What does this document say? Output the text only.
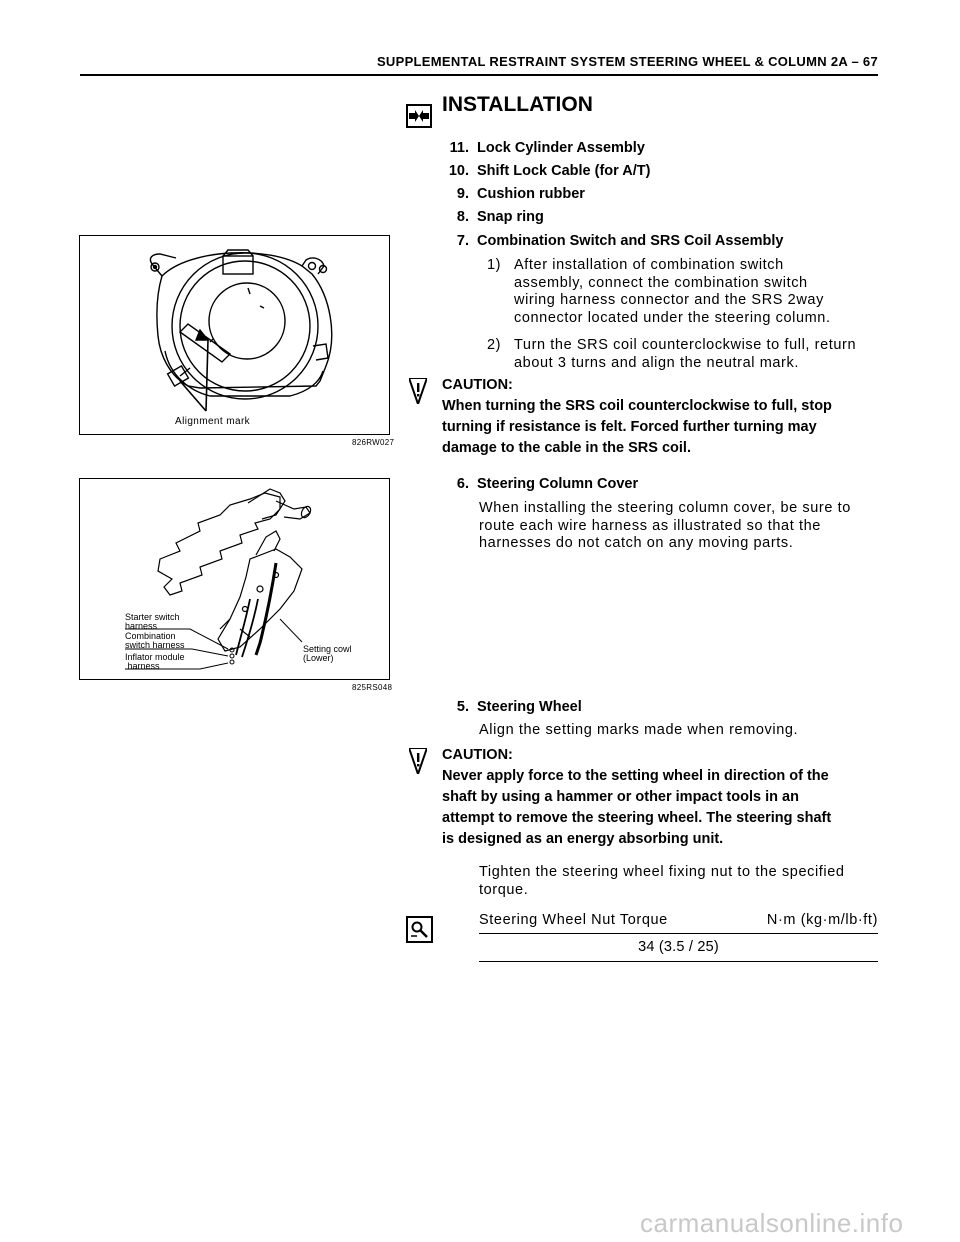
SUPPLEMENTAL RESTRAINT SYSTEM STEERING WHEEL & COLUMN 2A – 67
INSTALLATION
11. Lock Cylinder Assembly
10. Shift Lock Cable (for A/T)
9. Cushion rubber
8. Snap ring
7. Combination Switch and SRS Coil Assembly
1) After installation of combination switch
assembly, connect the combination switch
wiring harness connector and the SRS 2way
connector located under the steering column.
2) Turn the SRS coil counterclockwise to full, return
about 3 turns and align the neutral mark.
CAUTION:
When turning the SRS coil counterclockwise to full, stop
turning if resistance is felt. Forced further turning may
damage to the cable in the SRS coil.
6. Steering Column Cover
When installing the steering column cover, be sure to
route each wire harness as illustrated so that the
harnesses do not catch on any moving parts.
5. Steering Wheel
Align the setting marks made when removing.
CAUTION:
Never apply force to the setting wheel in direction of the
shaft by using a hammer or other impact tools in an
attempt to remove the steering wheel. The steering shaft
is designed as an energy absorbing unit.
Tighten the steering wheel fixing nut to the specified
torque.
Steering Wheel Nut Torque	N·m (kg·m/lb·ft)
34 (3.5 / 25)
Alignment mark
826RW027
Starter switch
harness
Combination
switch harness
Inflator module
harness
Setting cowl
(Lower)
825RS048
carmanualsonline.info
